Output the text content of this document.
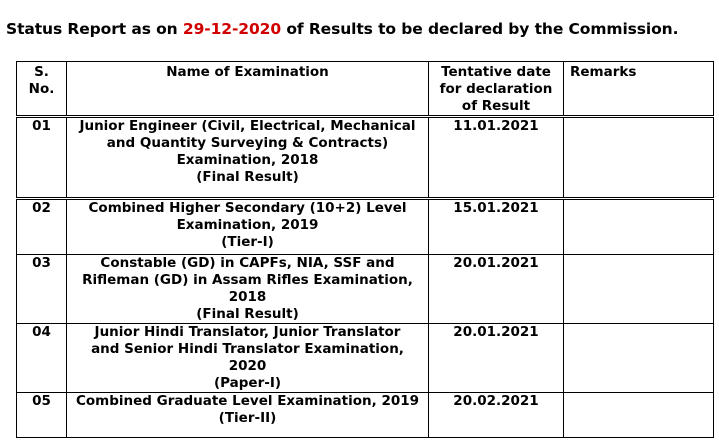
Status Report as on 29-12-2020 of Results to be declared by the Commission.
S.
No.	Name of Examination	Tentative date
for declaration
of Result	Remarks

01	Junior Engineer (Civil, Electrical, Mechanical
and Quantity Surveying & Contracts)
Examination, 2018
(Final Result)	11.01.2021	
02	Combined Higher Secondary (10+2) Level
Examination, 2019
(Tier-I)	15.01.2021	
03	Constable (GD) in CAPFs, NIA, SSF and
Rifleman (GD) in Assam Rifles Examination,
2018
(Final Result)	20.01.2021	
04	Junior Hindi Translator, Junior Translator
and Senior Hindi Translator Examination,
2020
(Paper-I)	20.01.2021	
05	Combined Graduate Level Examination, 2019
(Tier-II)	20.02.2021	
